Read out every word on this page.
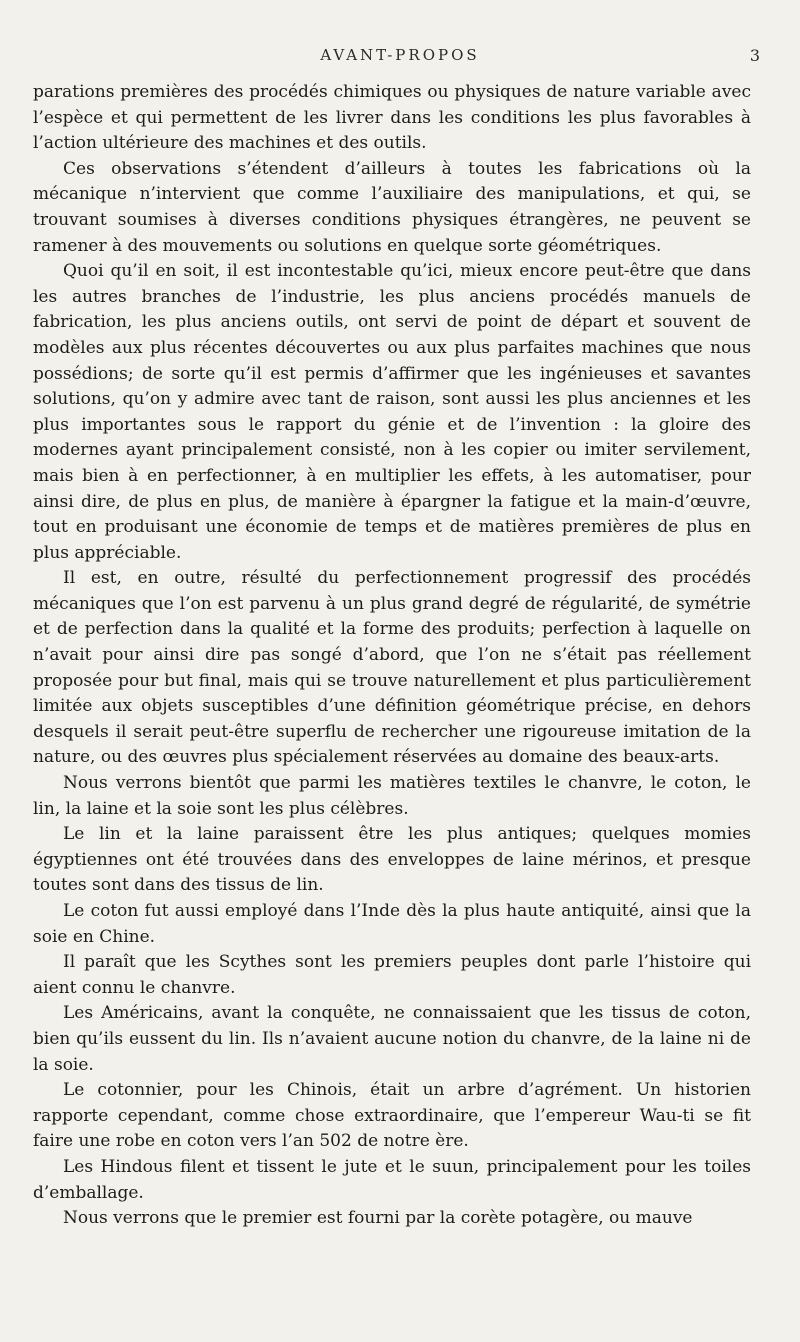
AVANT-PROPOS	3

parations premières des procédés chimiques ou physiques de nature variable avec l’espèce et qui permettent de les livrer dans les conditions les plus favorables à l’action ultérieure des machines et des outils.

Ces observations s’étendent d’ailleurs à toutes les fabrications où la mécanique n’intervient que comme l’auxiliaire des manipulations, et qui, se trouvant soumises à diverses conditions physiques étrangères, ne peuvent se ramener à des mouvements ou solutions en quelque sorte géométriques.

Quoi qu’il en soit, il est incontestable qu’ici, mieux encore peut-être que dans les autres branches de l’industrie, les plus anciens procédés manuels de fabrication, les plus anciens outils, ont servi de point de départ et souvent de modèles aux plus récentes découvertes ou aux plus parfaites machines que nous possédions; de sorte qu’il est permis d’affirmer que les ingénieuses et savantes solutions, qu’on y admire avec tant de raison, sont aussi les plus anciennes et les plus importantes sous le rapport du génie et de l’invention : la gloire des modernes ayant principalement consisté, non à les copier ou imiter servilement, mais bien à en perfectionner, à en multiplier les effets, à les automatiser, pour ainsi dire, de plus en plus, de manière à épargner la fatigue et la main-d’œuvre, tout en produisant une économie de temps et de matières premières de plus en plus appréciable.

Il est, en outre, résulté du perfectionnement progressif des procédés mécaniques que l’on est parvenu à un plus grand degré de régularité, de symétrie et de perfection dans la qualité et la forme des produits; perfection à laquelle on n’avait pour ainsi dire pas songé d’abord, que l’on ne s’était pas réellement proposée pour but final, mais qui se trouve naturellement et plus particulièrement limitée aux objets susceptibles d’une définition géométrique précise, en dehors desquels il serait peut-être superflu de rechercher une rigoureuse imitation de la nature, ou des œuvres plus spécialement réservées au domaine des beaux-arts.

Nous verrons bientôt que parmi les matières textiles le chanvre, le coton, le lin, la laine et la soie sont les plus célèbres.

Le lin et la laine paraissent être les plus antiques; quelques momies égyptiennes ont été trouvées dans des enveloppes de laine mérinos, et presque toutes sont dans des tissus de lin.

Le coton fut aussi employé dans l’Inde dès la plus haute antiquité, ainsi que la soie en Chine.

Il paraît que les Scythes sont les premiers peuples dont parle l’histoire qui aient connu le chanvre.

Les Américains, avant la conquête, ne connaissaient que les tissus de coton, bien qu’ils eussent du lin. Ils n’avaient aucune notion du chanvre, de la laine ni de la soie.

Le cotonnier, pour les Chinois, était un arbre d’agrément. Un historien rapporte cependant, comme chose extraordinaire, que l’empereur Wau-ti se fit faire une robe en coton vers l’an 502 de notre ère.

Les Hindous filent et tissent le jute et le suun, principalement pour les toiles d’emballage.

Nous verrons que le premier est fourni par la corète potagère, ou mauve
